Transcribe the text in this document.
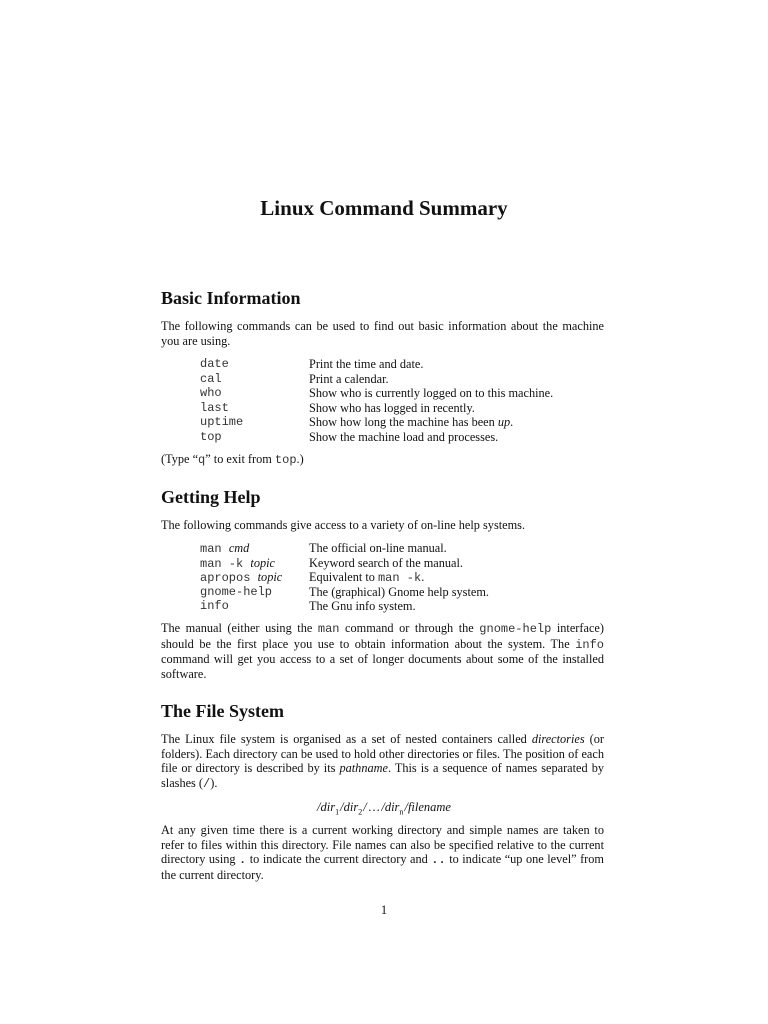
Linux Command Summary
Basic Information

The following commands can be used to find out basic information about the machine you are using.

date	Print the time and date.
cal	Print a calendar.
who	Show who is currently logged on to this machine.
last	Show who has logged in recently.
uptime	Show how long the machine has been up.
top	Show the machine load and processes.

(Type “q” to exit from top.)

Getting Help

The following commands give access to a variety of on-line help systems.

man cmd	The official on-line manual.
man -k topic	Keyword search of the manual.
apropos topic	Equivalent to man -k.
gnome-help	The (graphical) Gnome help system.
info	The Gnu info system.

The manual (either using the man command or through the gnome-help interface) should be the first place you use to obtain information about the system. The info command will get you access to a set of longer documents about some of the installed software.

The File System

The Linux file system is organised as a set of nested containers called directories (or folders). Each directory can be used to hold other directories or files. The position of each file or directory is described by its pathname. This is a sequence of names separated by slashes (/).

/dir$_1$ /dir$_2$ / … /dir$_n$ /filename

At any given time there is a current working directory and simple names are taken to refer to files within this directory. File names can also be specified relative to the current directory using . to indicate the current directory and .. to indicate “up one level” from the current directory.

1
